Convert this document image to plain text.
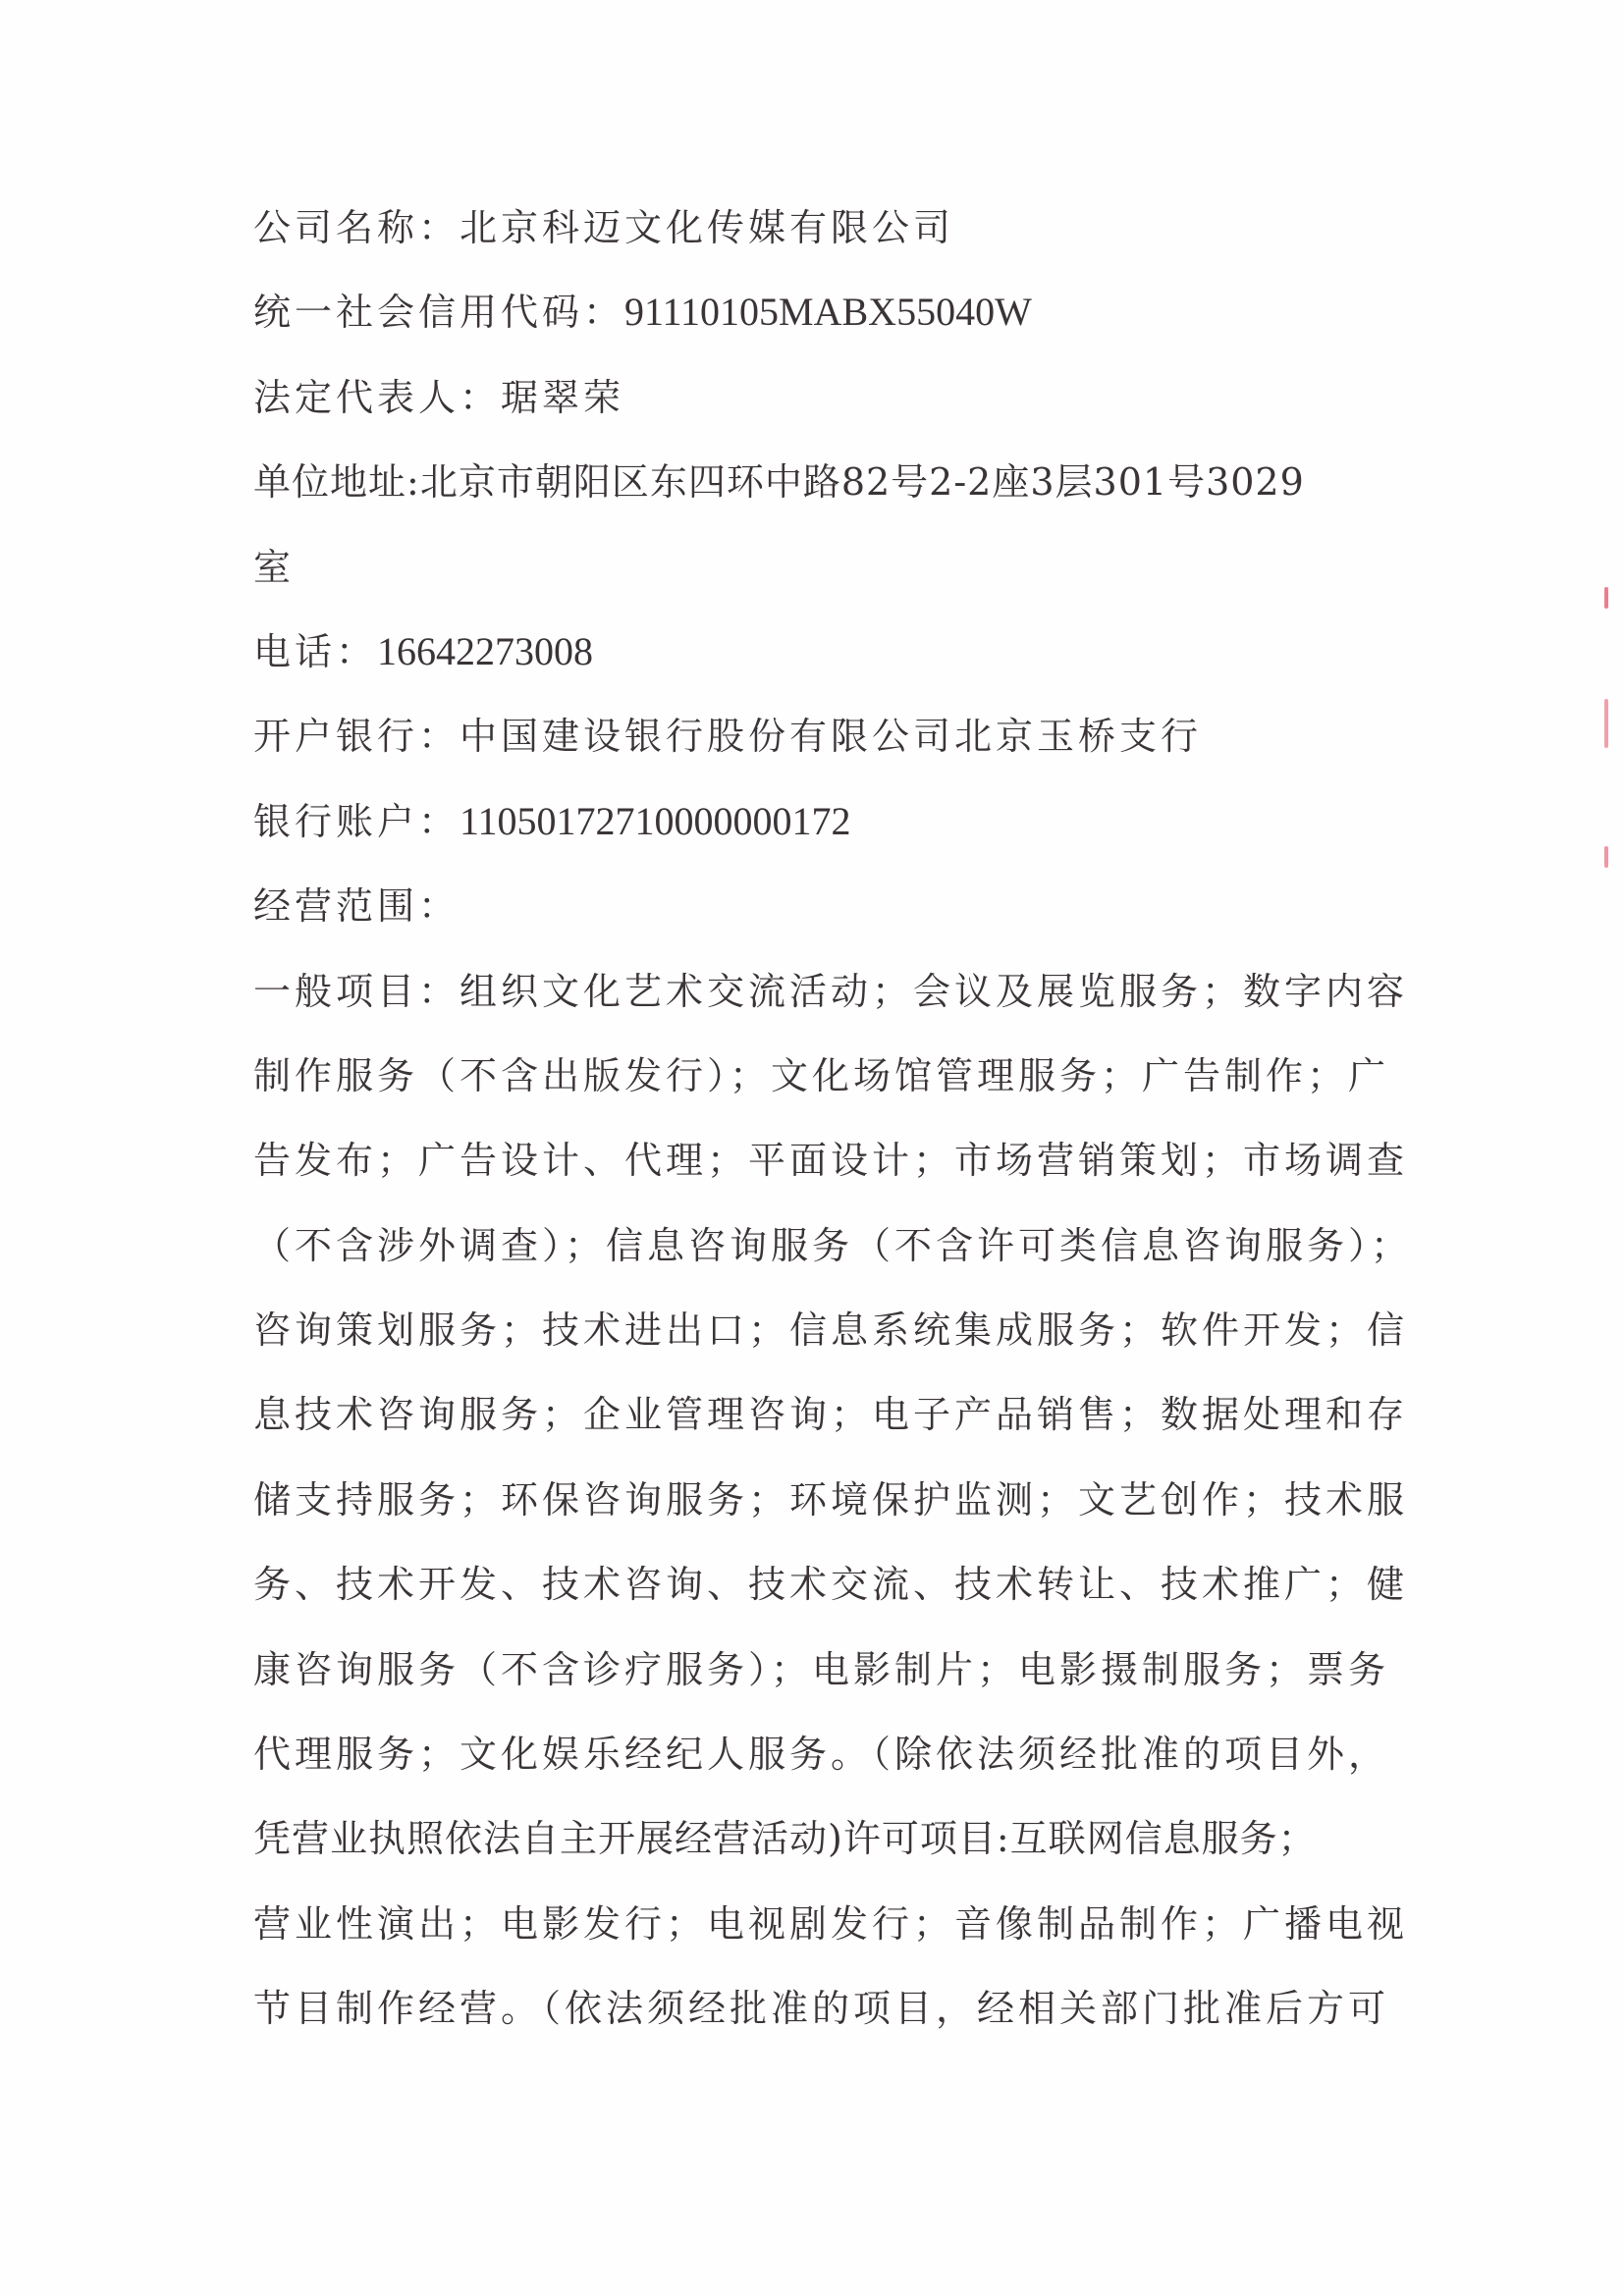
公司名称：北京科迈文化传媒有限公司
统一社会信用代码：91110105MABX55040W
法定代表人：琚翠荣
单位地址:北京市朝阳区东四环中路82号2-2座3层301号3029
室
电话：16642273008
开户银行：中国建设银行股份有限公司北京玉桥支行
银行账户：11050172710000000172
经营范围：
一般项目：组织文化艺术交流活动；会议及展览服务；数字内容
制作服务（不含出版发行）；文化场馆管理服务；广告制作；广
告发布；广告设计、代理；平面设计；市场营销策划；市场调查
（不含涉外调查）；信息咨询服务（不含许可类信息咨询服务）；
咨询策划服务；技术进出口；信息系统集成服务；软件开发；信
息技术咨询服务；企业管理咨询；电子产品销售；数据处理和存
储支持服务；环保咨询服务；环境保护监测；文艺创作；技术服
务、技术开发、技术咨询、技术交流、技术转让、技术推广；健
康咨询服务（不含诊疗服务）；电影制片；电影摄制服务；票务
代理服务；文化娱乐经纪人服务。（除依法须经批准的项目外，
凭营业执照依法自主开展经营活动)许可项目:互联网信息服务；
营业性演出；电影发行；电视剧发行；音像制品制作；广播电视
节目制作经营。（依法须经批准的项目，经相关部门批准后方可
